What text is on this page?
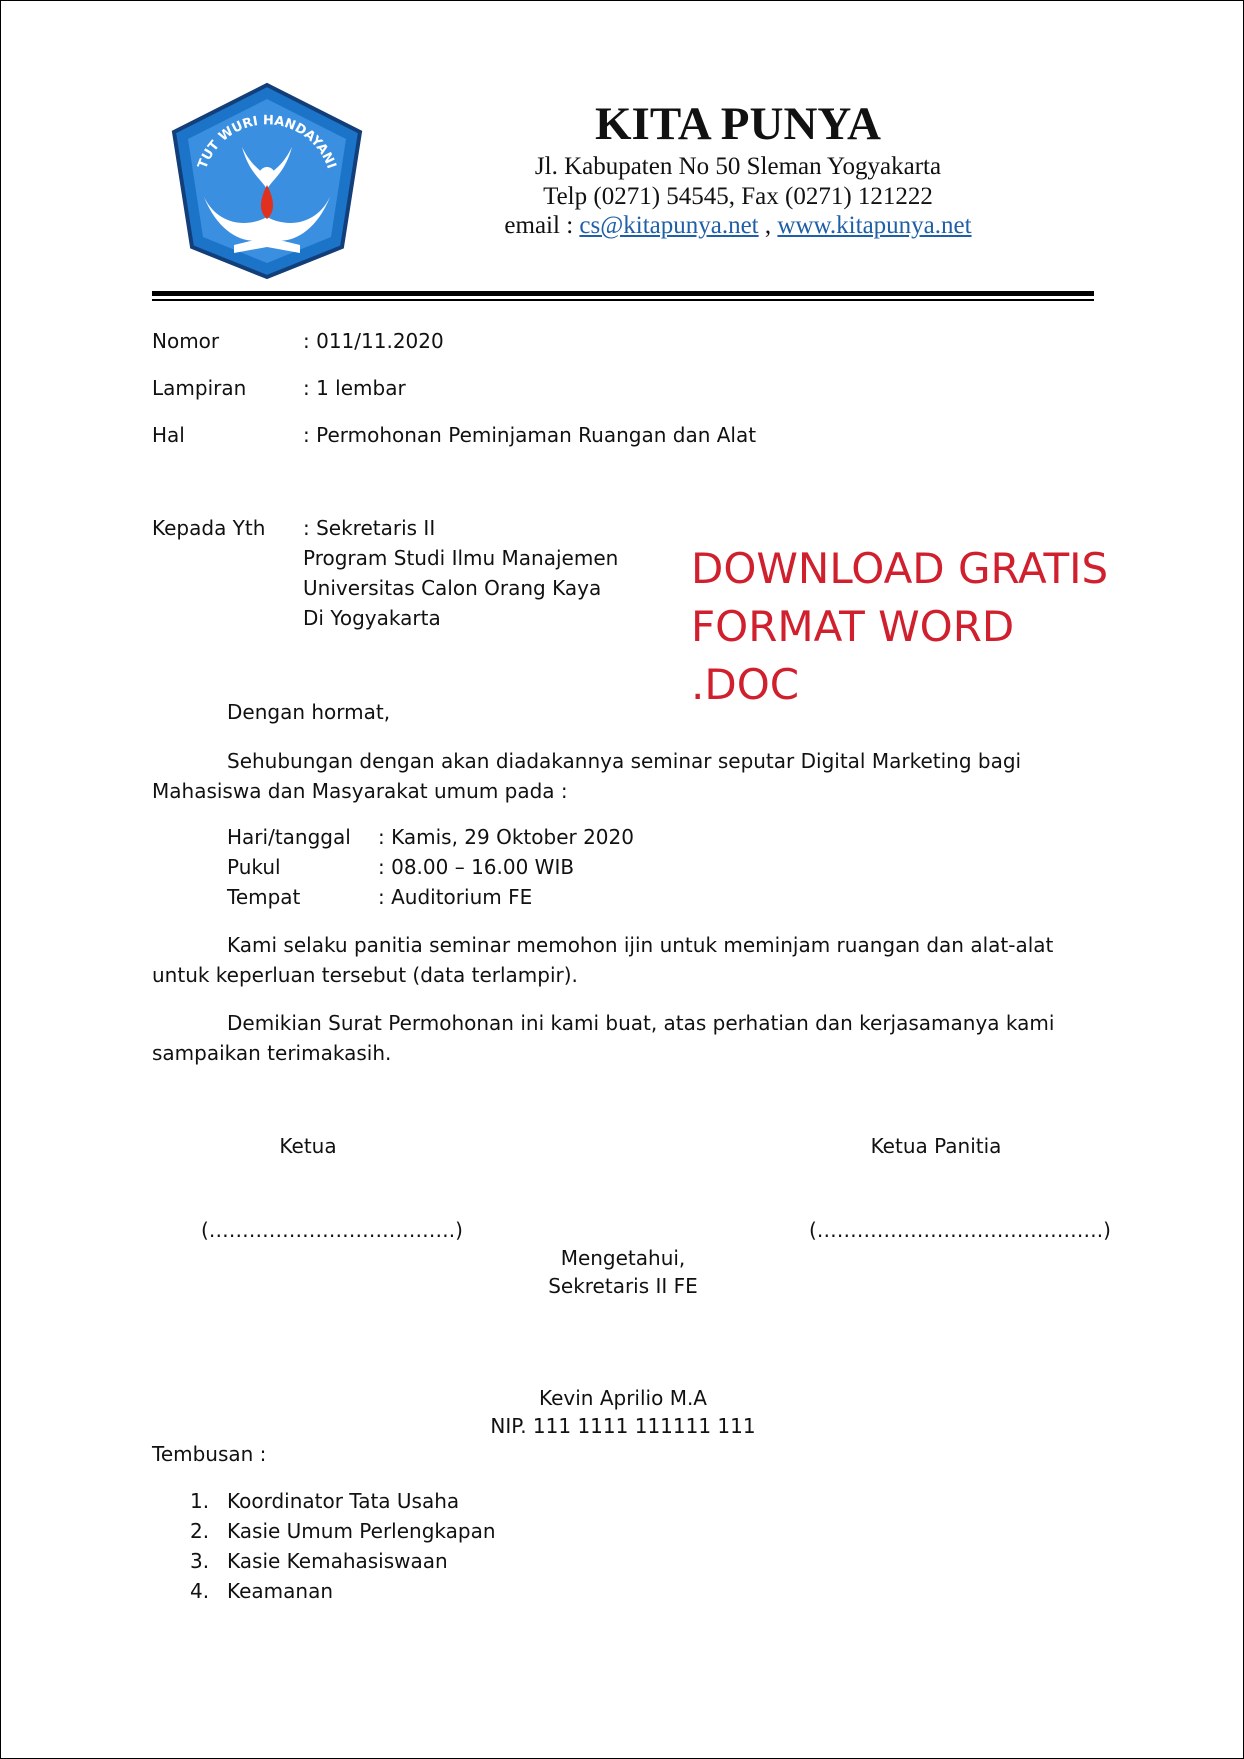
TUT WURI HANDAYANI
KITA PUNYA
Jl. Kabupaten No 50 Sleman Yogyakarta
Telp (0271) 54545, Fax (0271) 121222
email : cs@kitapunya.net , www.kitapunya.net
Nomor	: 011/11.2020
Lampiran	: 1 lembar
Hal	: Permohonan Peminjaman Ruangan dan Alat
Kepada Yth : Sekretaris II
Program Studi Ilmu Manajemen
Universitas Calon Orang Kaya
Di Yogyakarta
DOWNLOAD GRATIS
FORMAT WORD
.DOC
Dengan hormat,
Sehubungan dengan akan diadakannya seminar seputar Digital Marketing bagi Mahasiswa dan Masyarakat umum pada :
Hari/tanggal : Kamis, 29 Oktober 2020
Pukul	: 08.00 – 16.00 WIB
Tempat	: Auditorium FE
Kami selaku panitia seminar memohon ijin untuk meminjam ruangan dan alat-alat untuk keperluan tersebut (data terlampir).
Demikian Surat Permohonan ini kami buat, atas perhatian dan kerjasamanya kami sampaikan terimakasih.
Ketua	Ketua Panitia
(……………………………….)	(…………………………………….)
Mengetahui,
Sekretaris II FE
Kevin Aprilio M.A
NIP. 111 1111 111111 111
Tembusan :
1. Koordinator Tata Usaha
2. Kasie Umum Perlengkapan
3. Kasie Kemahasiswaan
4. Keamanan
